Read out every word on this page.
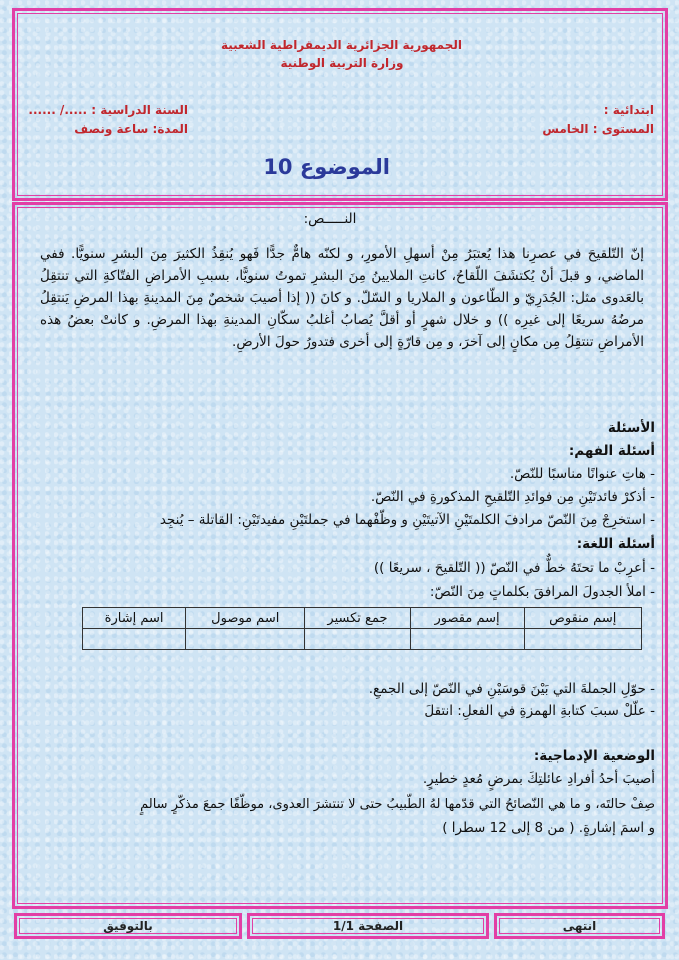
الجمهورية الجزائرية الديمقراطية الشعبية
وزارة التربية الوطنية
ابتدائية :
المستوى : الخامس
السنة الدراسية : ...../ ......
المدة: ساعة ونصف
الموضوع 10
النـــــص:
إنّ التّلقيحَ في عصرِنا هذا يُعتبَرُ مِنْ أسهلِ الأمورِ، و لكنّه هامٌّ جدًّا فَهو يُنقِذُ الكثيرَ مِنَ البشرِ سنويًّا. ففي الماضي، و قبلَ أنْ يُكتشَفَ اللّقاحُ، كانتِ الملايينُ مِنَ البشرِ تموتُ سنويًّا، بسببِ الأمراضِ الفتّاكةِ التي تنتقِلُ بالعَدوى مثل: الجُدَرِيّ و الطّاعون و الملاريا و السّلّ. و كانَ (( إذا أصيبَ شخصٌ مِنَ المدينةِ بهذا المرضِ يَنتقِلُ مرضُهُ سريعًا إلى غيرِه )) و خلال شهرٍ أو أقلَّ يُصابُ أغلبُ سكّانِ المدينةِ بهذا المرضِ. و كانتْ بعضُ هذه الأمراضِ تنتقِلُ مِن مكانٍ إلى آخرَ، و مِن قارّةٍ إلى أخرى فتدورُ حولَ الأرضِ.
الأسئلة
أسئلة الفهم:
- هاتِ عنوانًا مناسبًا للنّصّ.
- أذكرْ فائدتَيْنِ مِن فوائدِ التّلقيحِ المذكورةِ في النّصّ.
- استخرِجْ مِنَ النّصّ مرادفَ الكلمتَيْنِ الآتيتَيْنِ و وظّفْهما في جملتَيْنِ مفيدتَيْنِ: القاتلة – يُنجِد
أسئلة اللغة:
- أعرِبْ ما تحتَهُ خطٌّ في النّصّ (( التّلقيحَ ، سريعًا ))
- املأ الجدولَ المرافقَ بكلماتٍ مِنَ النّصّ:
إسم منقوص	إسم مقصور	جمع تكسير	اسم موصول	اسم إشارة

- حوّلِ الجملةَ التي بَيْنَ قوسَيْنِ في النّصّ إلى الجمعِ.
- علّلْ سببَ كتابةِ الهمزةِ في الفعلِ: انتقلَ
الوضعية الإدماجية:
أصيبَ أحدُ أفرادِ عائلتِكَ بمرضٍ مُعدٍ خطيرٍ.
صِفْ حالتَه، و ما هي النّصائحُ التي قدّمها لهُ الطّبيبُ حتى لا تنتشرَ العدوى، موظّفًا جمعَ مذكّرٍ سالمٍ
و اسمَ إشارةٍ. ( من 8 إلى 12 سطرا )
بالتوفيق	الصفحة 1/1	انتهى
